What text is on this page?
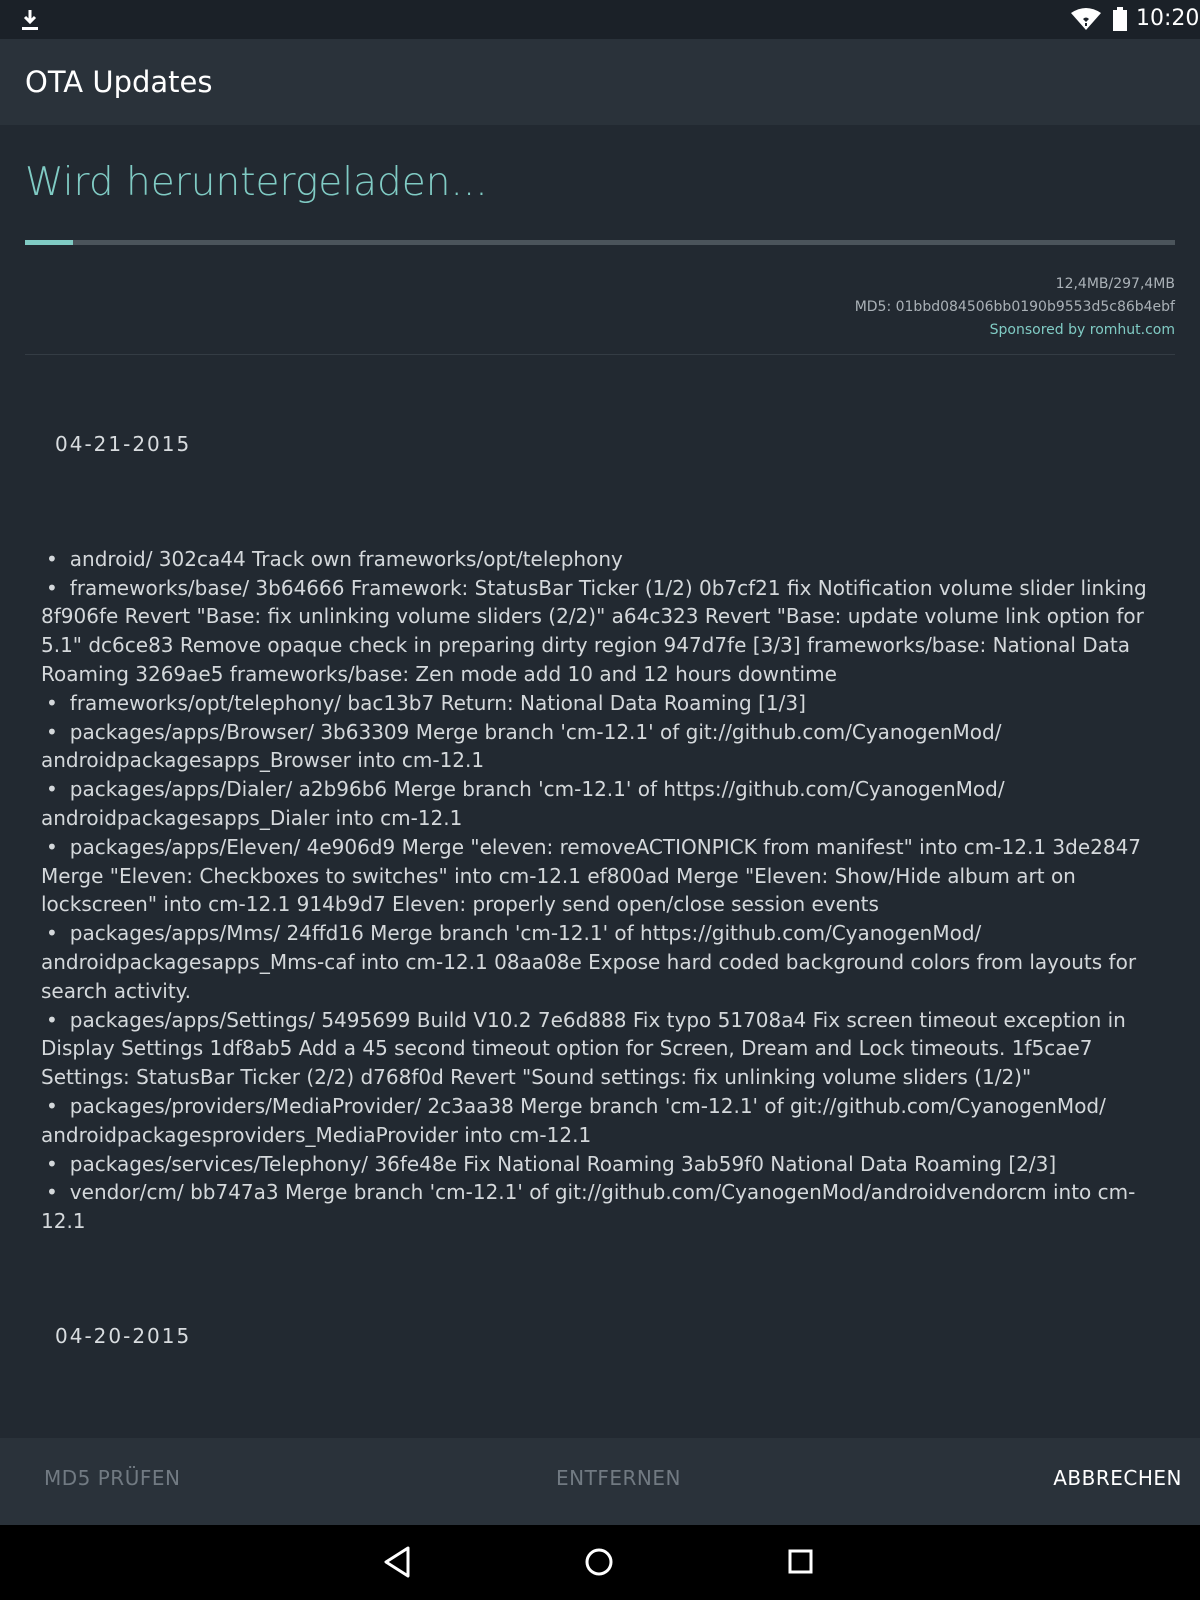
10:20
OTA Updates
Wird heruntergeladen...
12,4MB/297,4MB
MD5: 01bbd084506bb0190b9553d5c86b4ebf
Sponsored by romhut.com
04-21-2015

• android/ 302ca44 Track own frameworks/opt/telephony

• frameworks/base/ 3b64666 Framework: StatusBar Ticker (1/2) 0b7cf21 fix Notification volume slider linking 8f906fe Revert "Base: fix unlinking volume sliders (2/2)" a64c323 Revert "Base: update volume link option for 5.1" dc6ce83 Remove opaque check in preparing dirty region 947d7fe [3/3] frameworks/base: National Data Roaming 3269ae5 frameworks/base: Zen mode add 10 and 12 hours downtime

• frameworks/opt/telephony/ bac13b7 Return: National Data Roaming [1/3]

• packages/apps/Browser/ 3b63309 Merge branch 'cm-12.1' of git://github.com/CyanogenMod/ androidpackagesapps_Browser into cm-12.1

• packages/apps/Dialer/ a2b96b6 Merge branch 'cm-12.1' of https://github.com/CyanogenMod/ androidpackagesapps_Dialer into cm-12.1

• packages/apps/Eleven/ 4e906d9 Merge "eleven: removeACTIONPICK from manifest" into cm-12.1 3de2847 Merge "Eleven: Checkboxes to switches" into cm-12.1 ef800ad Merge "Eleven: Show/Hide album art on lockscreen" into cm-12.1 914b9d7 Eleven: properly send open/close session events

• packages/apps/Mms/ 24ffd16 Merge branch 'cm-12.1' of https://github.com/CyanogenMod/ androidpackagesapps_Mms-caf into cm-12.1 08aa08e Expose hard coded background colors from layouts for search activity.

• packages/apps/Settings/ 5495699 Build V10.2 7e6d888 Fix typo 51708a4 Fix screen timeout exception in Display Settings 1df8ab5 Add a 45 second timeout option for Screen, Dream and Lock timeouts. 1f5cae7 Settings: StatusBar Ticker (2/2) d768f0d Revert "Sound settings: fix unlinking volume sliders (1/2)"

• packages/providers/MediaProvider/ 2c3aa38 Merge branch 'cm-12.1' of git://github.com/CyanogenMod/ androidpackagesproviders_MediaProvider into cm-12.1

• packages/services/Telephony/ 36fe48e Fix National Roaming 3ab59f0 National Data Roaming [2/3]

• vendor/cm/ bb747a3 Merge branch 'cm-12.1' of git://github.com/CyanogenMod/androidvendorcm into cm-12.1

04-20-2015
MD5 PRÜFEN	ENTFERNEN	ABBRECHEN
